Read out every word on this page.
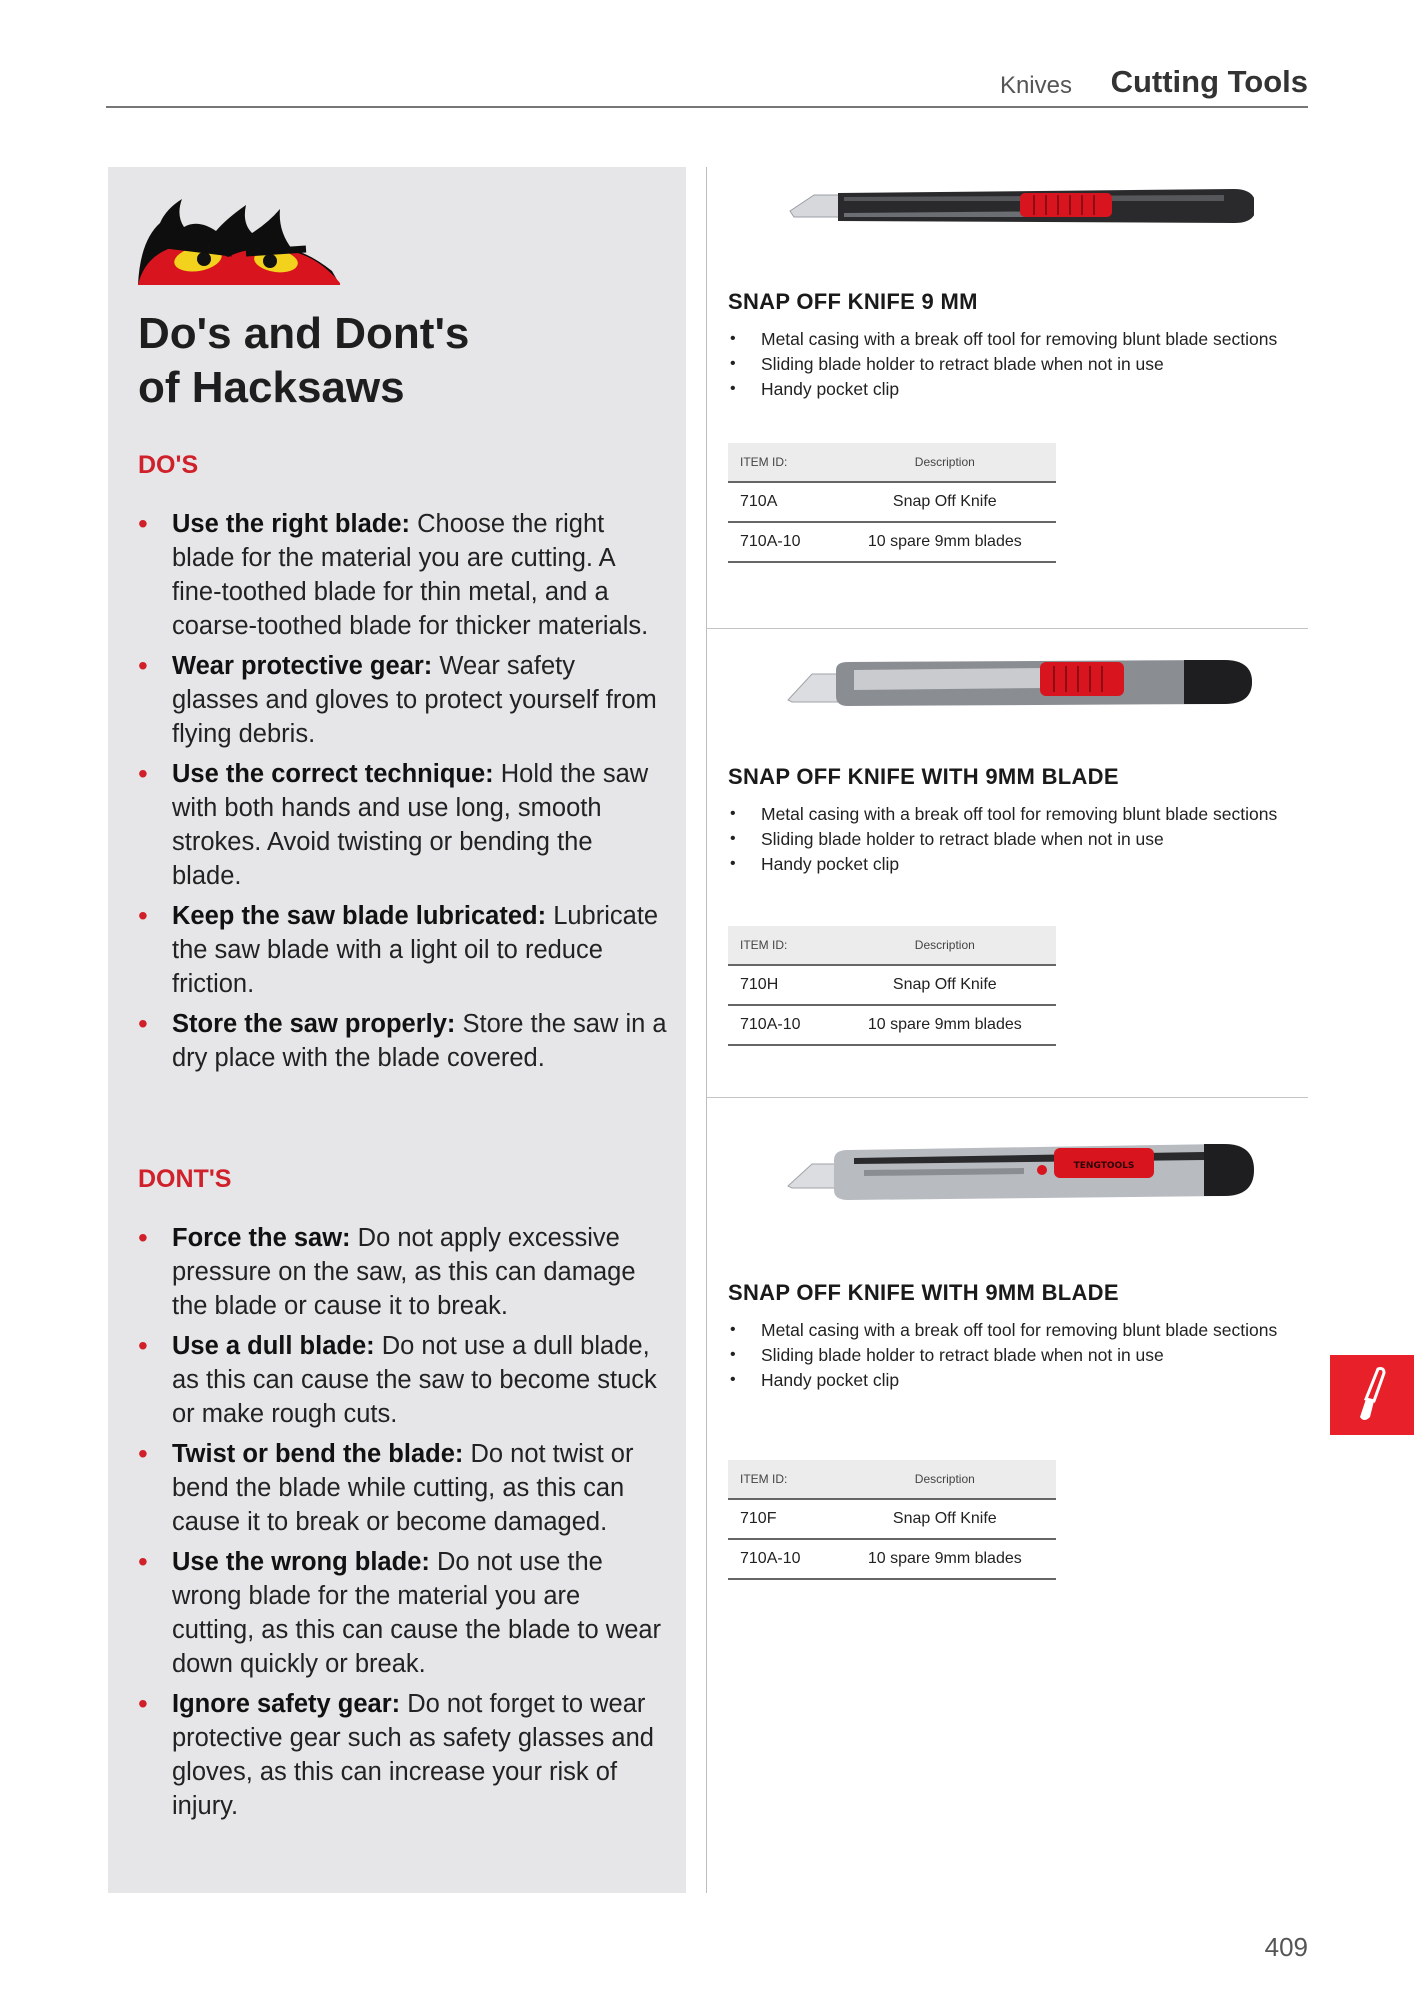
Knives Cutting Tools
Do's and Dont's
of Hacksaws
DO'S
• Use the right blade: Choose the right blade for the material you are cutting. A fine-toothed blade for thin metal, and a coarse-toothed blade for thicker materials.
• Wear protective gear: Wear safety glasses and gloves to protect yourself from flying debris.
• Use the correct technique: Hold the saw with both hands and use long, smooth strokes. Avoid twisting or bending the blade.
• Keep the saw blade lubricated: Lubricate the saw blade with a light oil to reduce friction.
• Store the saw properly: Store the saw in a dry place with the blade covered.
DONT'S
• Force the saw: Do not apply excessive pressure on the saw, as this can damage the blade or cause it to break.
• Use a dull blade: Do not use a dull blade, as this can cause the saw to become stuck or make rough cuts.
• Twist or bend the blade: Do not twist or bend the blade while cutting, as this can cause it to break or become damaged.
• Use the wrong blade: Do not use the wrong blade for the material you are cutting, as this can cause the blade to wear down quickly or break.
• Ignore safety gear: Do not forget to wear protective gear such as safety glasses and gloves, as this can increase your risk of injury.
SNAP OFF KNIFE 9 MM
• Metal casing with a break off tool for removing blunt blade sections
• Sliding blade holder to retract blade when not in use
• Handy pocket clip
ITEM ID:	Description
710A	Snap Off Knife
710A-10	10 spare 9mm blades
SNAP OFF KNIFE WITH 9MM BLADE
• Metal casing with a break off tool for removing blunt blade sections
• Sliding blade holder to retract blade when not in use
• Handy pocket clip
ITEM ID:	Description
710H	Snap Off Knife
710A-10	10 spare 9mm blades
TENGTOOLS
SNAP OFF KNIFE WITH 9MM BLADE
• Metal casing with a break off tool for removing blunt blade sections
• Sliding blade holder to retract blade when not in use
• Handy pocket clip
ITEM ID:	Description
710F	Snap Off Knife
710A-10	10 spare 9mm blades
409
